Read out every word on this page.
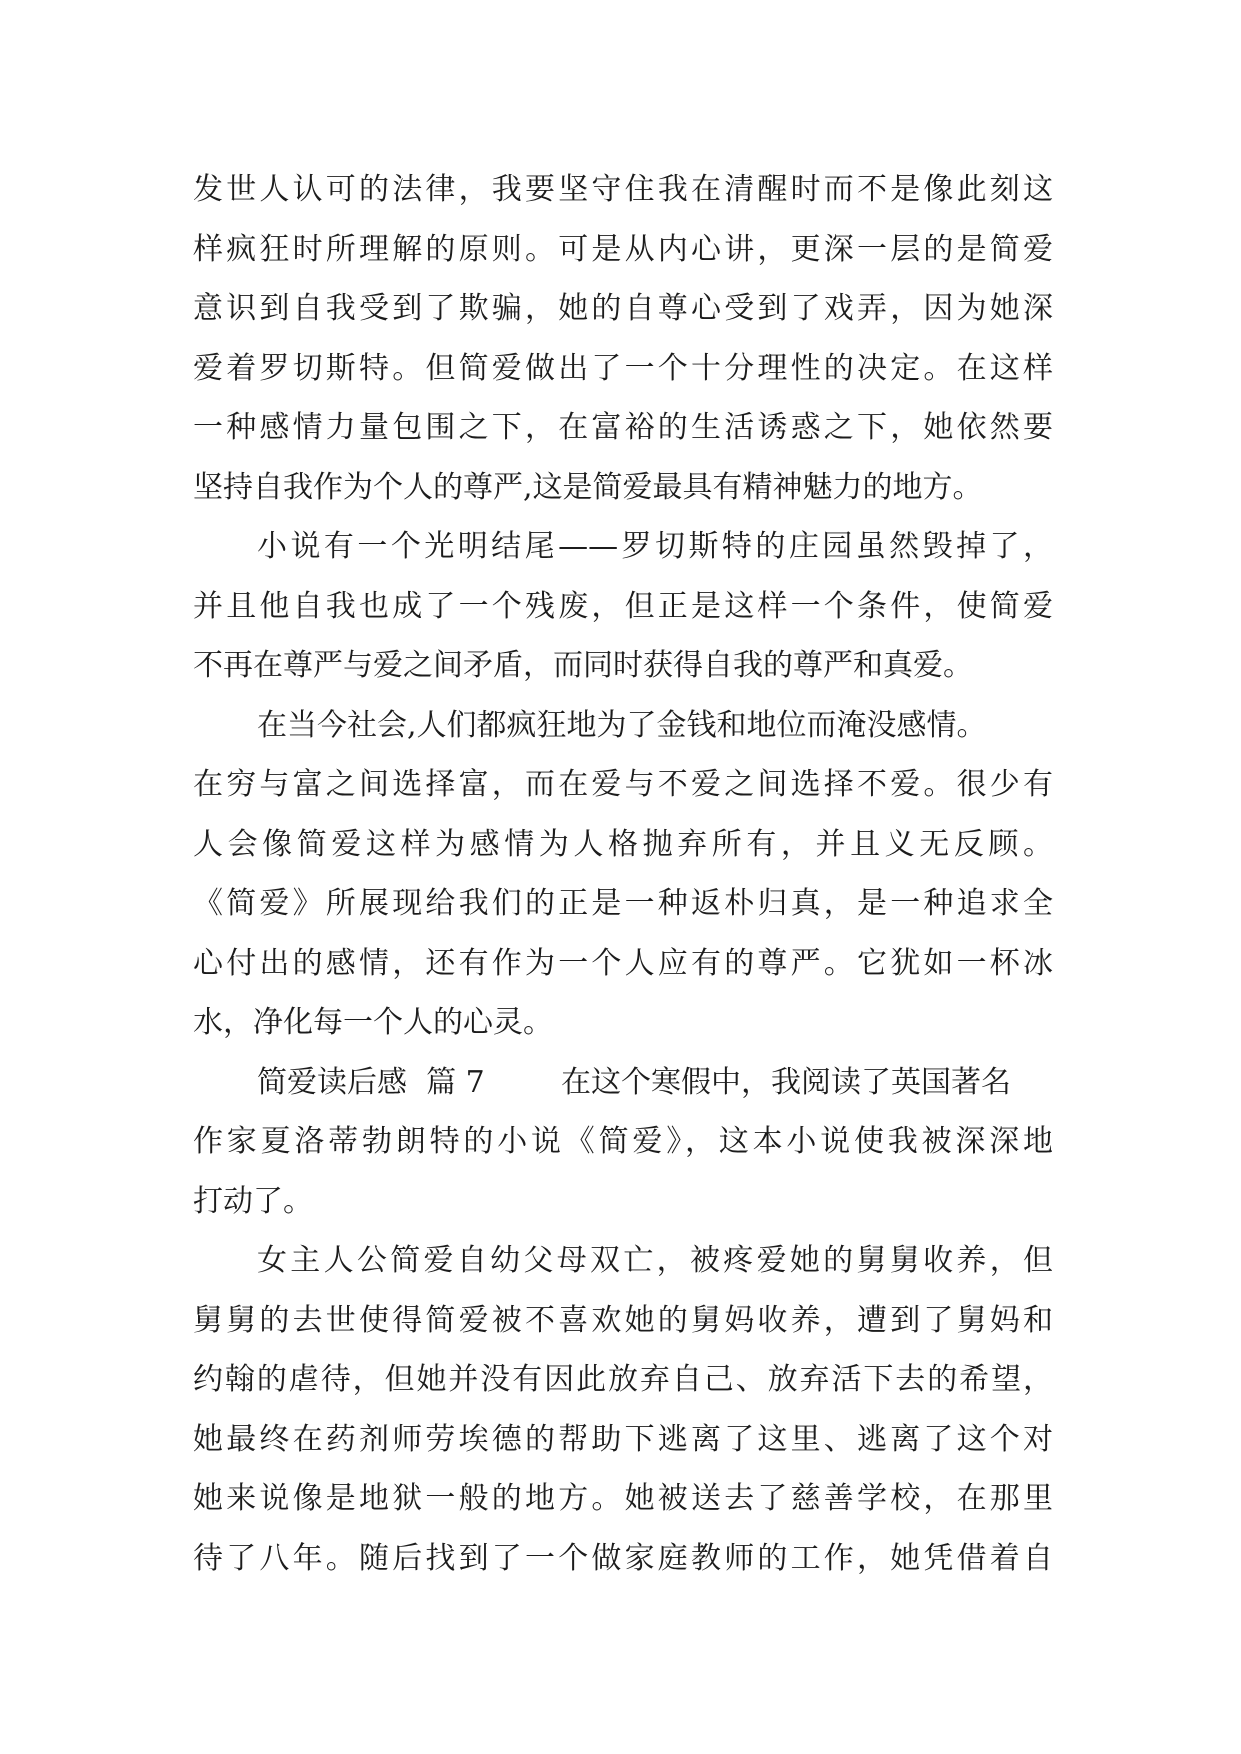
发世人认可的法律，我要坚守住我在清醒时而不是像此刻这
样疯狂时所理解的原则。可是从内心讲，更深一层的是简爱
意识到自我受到了欺骗，她的自尊心受到了戏弄，因为她深
爱着罗切斯特。但简爱做出了一个十分理性的决定。在这样
一种感情力量包围之下，在富裕的生活诱惑之下，她依然要
坚持自我作为个人的尊严,这是简爱最具有精神魅力的地方。
小说有一个光明结尾——罗切斯特的庄园虽然毁掉了，
并且他自我也成了一个残废，但正是这样一个条件，使简爱
不再在尊严与爱之间矛盾，而同时获得自我的尊严和真爱。
在当今社会,人们都疯狂地为了金钱和地位而淹没感情。
在穷与富之间选择富，而在爱与不爱之间选择不爱。很少有
人会像简爱这样为感情为人格抛弃所有，并且义无反顾。
《简爱》所展现给我们的正是一种返朴归真，是一种追求全
心付出的感情，还有作为一个人应有的尊严。它犹如一杯冰
水，净化每一个人的心灵。
简爱读后感  篇 7        在这个寒假中，我阅读了英国著名
作家夏洛蒂勃朗特的小说《简爱》，这本小说使我被深深地
打动了。
女主人公简爱自幼父母双亡，被疼爱她的舅舅收养，但
舅舅的去世使得简爱被不喜欢她的舅妈收养，遭到了舅妈和
约翰的虐待，但她并没有因此放弃自己、放弃活下去的希望，
她最终在药剂师劳埃德的帮助下逃离了这里、逃离了这个对
她来说像是地狱一般的地方。她被送去了慈善学校，在那里
待了八年。随后找到了一个做家庭教师的工作，她凭借着自
